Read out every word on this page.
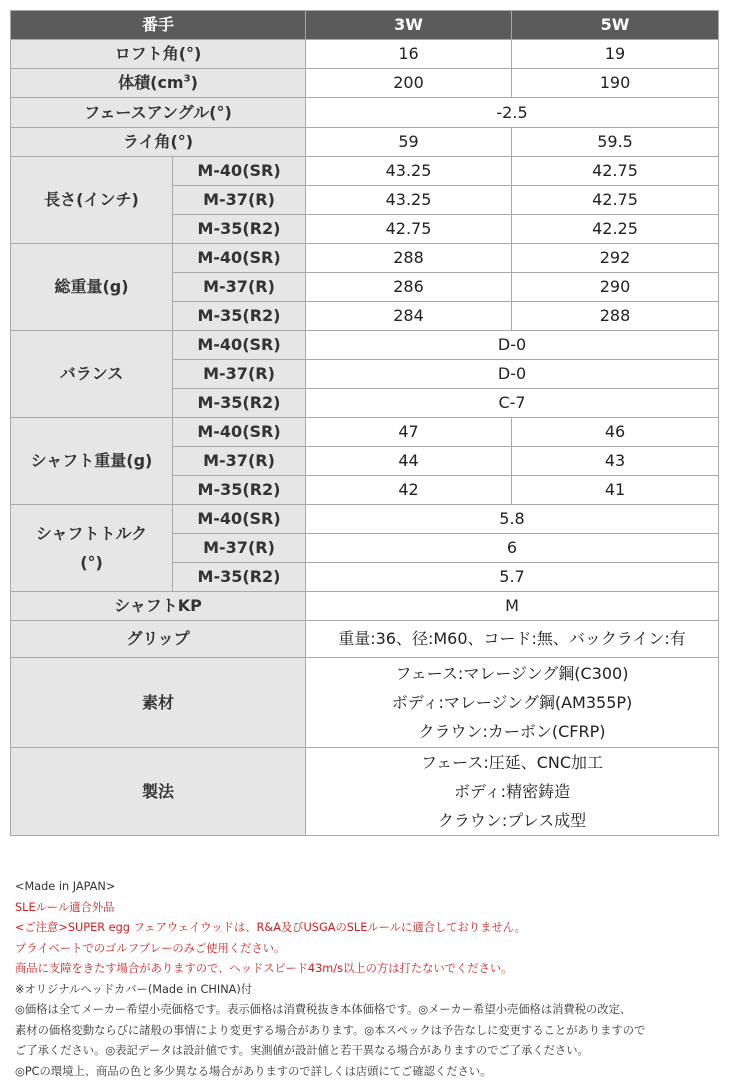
番手		3W	5W
ロフト角(°)		16	19
体積$(cm^3)$		200	190
フェースアングル(°)		-2.5	
ライ角(°)		59	59.5
長さ(インチ)	M-40(SR)	43.25	42.75
	M-37(R)	43.25	42.75
	M-35(R2)	42.75	42.25
総重量(g)	M-40(SR)	288	292
	M-37(R)	286	290
	M-35(R2)	284	288
バランス	M-40(SR)	D-0	
	M-37(R)	D-0	
	M-35(R2)	C-7	
シャフト重量(g)	M-40(SR)	47	46
	M-37(R)	44	43
	M-35(R2)	42	41

シャフトトルク
(°)	M-40(SR)	5.8	
	M-37(R)	6	
	M-35(R2)	5.7	
シャフトKP		M	
グリップ		重量:36、径:M60、コード:無、バックライン:有	
素材		フェース:マレージング鋼(C300)
ボディ:マレージング鋼(AM355P)
クラウン:カーボン(CFRP)	

製法		フェース:圧延、CNC加工
ボディ:精密鋳造
クラウン:プレス成型	
<Made in JAPAN>
SLEルール適合外品
<ご注意>SUPER egg フェアウェイウッドは、R&A及びUSGAのSLEルールに適合しておりません。
プライベートでのゴルフプレーのみご使用ください。
商品に支障をきたす場合がありますので、ヘッドスピード43m/s以上の方は打たないでください。
※オリジナルヘッドカバー(Made in CHINA)付
◎価格は全てメーカー希望小売価格です。表示価格は消費税抜き本体価格です。◎メーカー希望小売価格は消費税の改定、
素材の価格変動ならびに諸般の事情により変更する場合があります。◎本スペックは予告なしに変更することがありますので
ご了承ください。◎表記データは設計値です。実測値が設計値と若干異なる場合がありますのでご了承ください。
◎PCの環境上、商品の色と多少異なる場合がありますので詳しくは店頭にてご確認ください。
